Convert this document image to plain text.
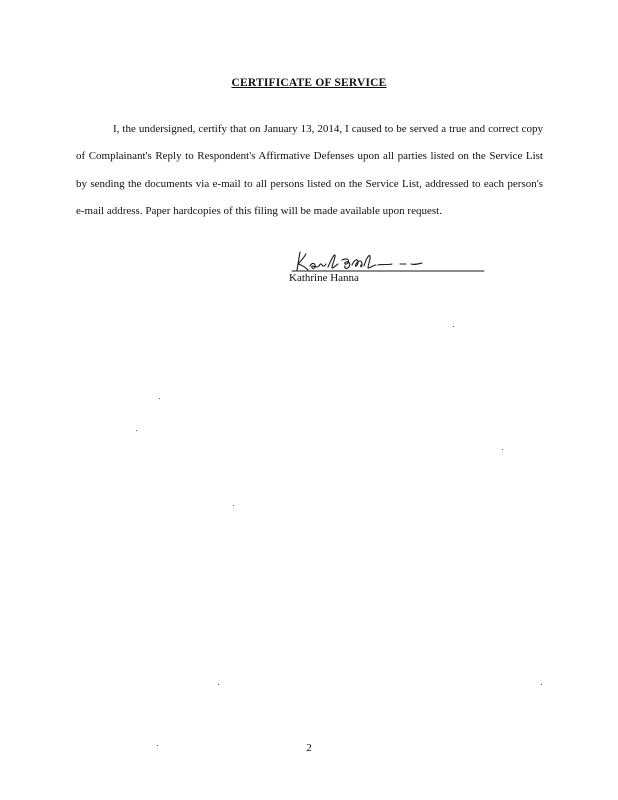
CERTIFICATE OF SERVICE
I, the undersigned, certify that on January 13, 2014, I caused to be served a true and correct copy of Complainant's Reply to Respondent's Affirmative Defenses upon all parties listed on the Service List by sending the documents via e-mail to all persons listed on the Service List, addressed to each person's e-mail address. Paper hardcopies of this filing will be made available upon request.
Kathrine Hanna
2
